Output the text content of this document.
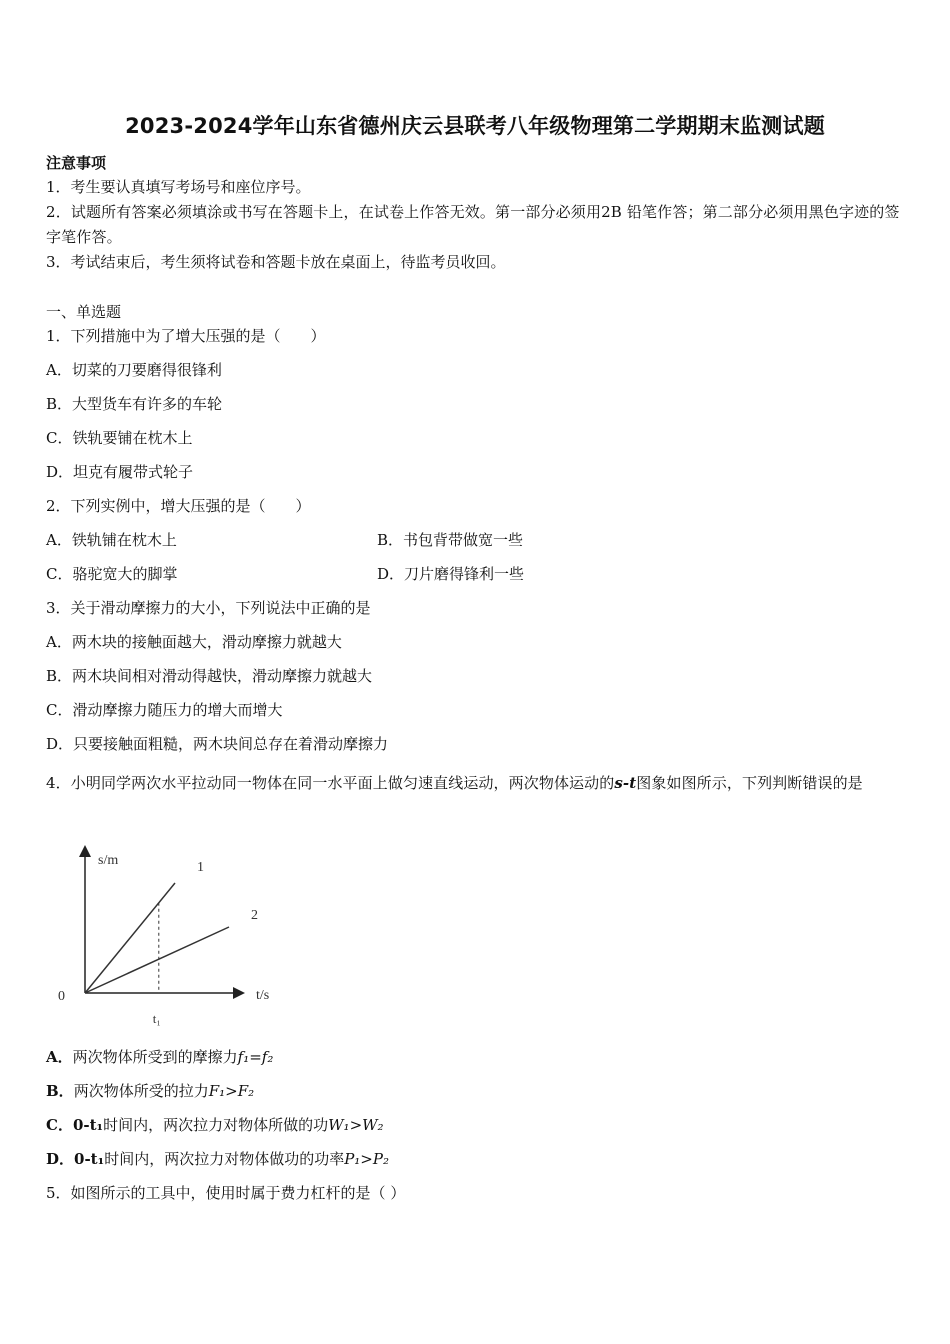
2023-2024学年山东省德州庆云县联考八年级物理第二学期期末监测试题
注意事项
1．考生要认真填写考场号和座位序号。
2．试题所有答案必须填涂或书写在答题卡上，在试卷上作答无效。第一部分必须用2B 铅笔作答；第二部分必须用黑色字迹的签字笔作答。
3．考试结束后，考生须将试卷和答题卡放在桌面上，待监考员收回。
一、单选题
1．下列措施中为了增大压强的是（　　）
A．切菜的刀要磨得很锋利
B．大型货车有许多的车轮
C．铁轨要铺在枕木上
D．坦克有履带式轮子
2．下列实例中，增大压强的是（　　）
A．铁轨铺在枕木上	B．书包背带做宽一些
C．骆驼宽大的脚掌	D．刀片磨得锋利一些
3．关于滑动摩擦力的大小，下列说法中正确的是
A．两木块的接触面越大，滑动摩擦力就越大
B．两木块间相对滑动得越快，滑动摩擦力就越大
C．滑动摩擦力随压力的增大而增大
D．只要接触面粗糙，两木块间总存在着滑动摩擦力
4．小明同学两次水平拉动同一物体在同一水平面上做匀速直线运动，两次物体运动的s-t图象如图所示，下列判断错误的是
1
2
s/m
t/s
0
t₁
A．两次物体所受到的摩擦力f₁=f₂
B．两次物体所受的拉力F₁>F₂
C．0-t₁时间内，两次拉力对物体所做的功W₁>W₂
D．0-t₁时间内，两次拉力对物体做功的功率P₁>P₂
5．如图所示的工具中，使用时属于费力杠杆的是（ ）
